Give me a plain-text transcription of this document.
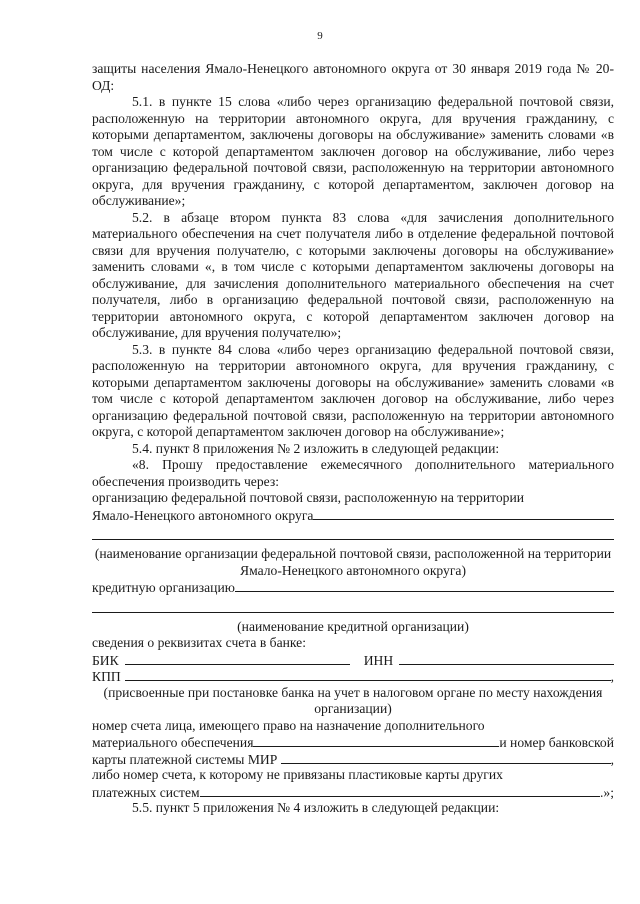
9

защиты населения Ямало-Ненецкого автономного округа от 30 января 2019 года № 20-ОД:

5.1. в пункте 15 слова «либо через организацию федеральной почтовой связи, расположенную на территории автономного округа, для вручения гражданину, с которыми департаментом, заключены договоры на обслуживание» заменить словами «в том числе с которой департаментом заключен договор на обслуживание, либо через организацию федеральной почтовой связи, расположенную на территории автономного округа, для вручения гражданину, с которой департаментом, заключен договор на обслуживание»;

5.2. в абзаце втором пункта 83 слова «для зачисления дополнительного материального обеспечения на счет получателя либо в отделение федеральной почтовой связи для вручения получателю, с которыми заключены договоры на обслуживание» заменить словами «, в том числе с которыми департаментом заключены договоры на обслуживание, для зачисления дополнительного материального обеспечения на счет получателя, либо в организацию федеральной почтовой связи, расположенную на территории автономного округа, с которой департаментом заключен договор на обслуживание, для вручения получателю»;

5.3. в пункте 84 слова «либо через организацию федеральной почтовой связи, расположенную на территории автономного округа, для вручения гражданину, с которыми департаментом заключены договоры на обслуживание» заменить словами «в том числе с которой департаментом заключен договор на обслуживание, либо через организацию федеральной почтовой связи, расположенную на территории автономного округа, с которой департаментом заключен договор на обслуживание»;

5.4. пункт 8 приложения № 2 изложить в следующей редакции:

«8. Прошу предоставление ежемесячного дополнительного материального обеспечения производить через:

организацию федеральной почтовой связи, расположенную на территории

Ямало-Ненецкого автономного округа

(наименование организации федеральной почтовой связи, расположенной на территории Ямало-Ненецкого автономного округа)

кредитную организацию

(наименование кредитной организации)

сведения о реквизитах счета в банке:

БИК	ИНН
КПП	,

(присвоенные при постановке банка на учет в налоговом органе по месту нахождения организации)

номер счета лица, имеющего право на назначение дополнительного

материального обеспечения	и номер банковской
карты платежной системы МИР	,

либо номер счета, к которому не привязаны пластиковые карты других

платежных систем	.»;

5.5. пункт 5 приложения № 4 изложить в следующей редакции:
